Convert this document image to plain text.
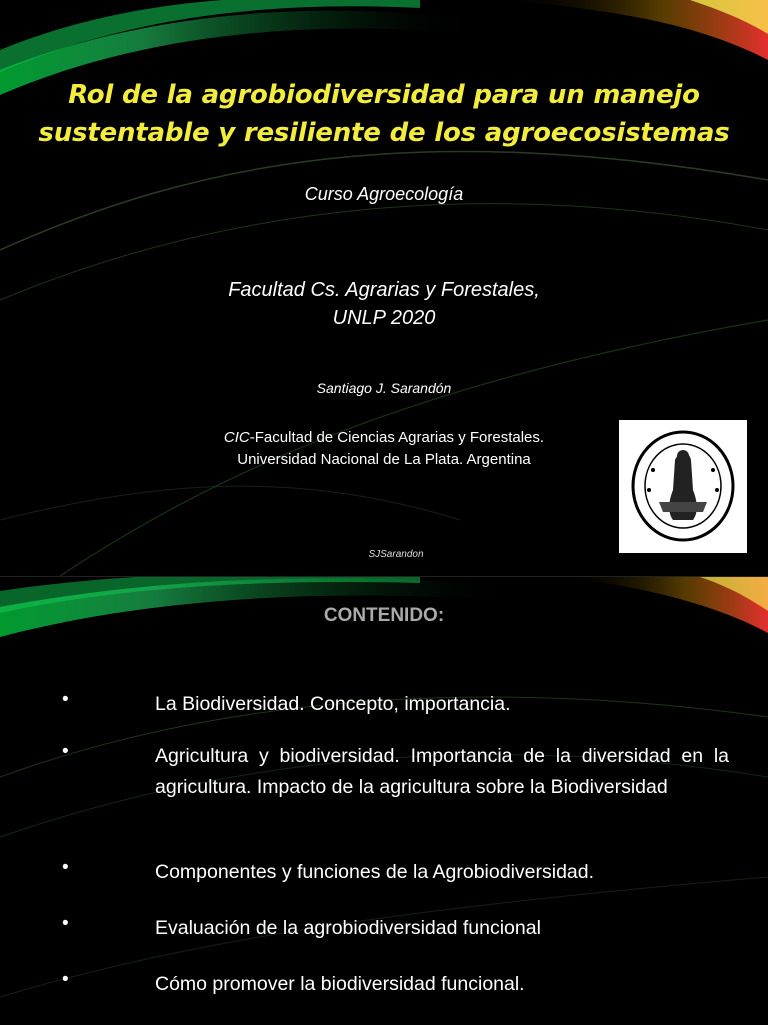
Rol de la agrobiodiversidad para un manejo
sustentable y resiliente de los agroecosistemas
Curso Agroecología
Facultad Cs. Agrarias y Forestales,
UNLP 2020
Santiago J. Sarandón
CIC-Facultad de Ciencias Agrarias y Forestales.
Universidad Nacional de La Plata. Argentina
SJSarandon
CONTENIDO:
•	La Biodiversidad. Concepto, importancia.
•	Agricultura y biodiversidad. Importancia de la diversidad en la agricultura. Impacto de la agricultura sobre la Biodiversidad
•	Componentes y funciones de la Agrobiodiversidad.
•	Evaluación de la agrobiodiversidad funcional
•	Cómo promover la biodiversidad funcional.
